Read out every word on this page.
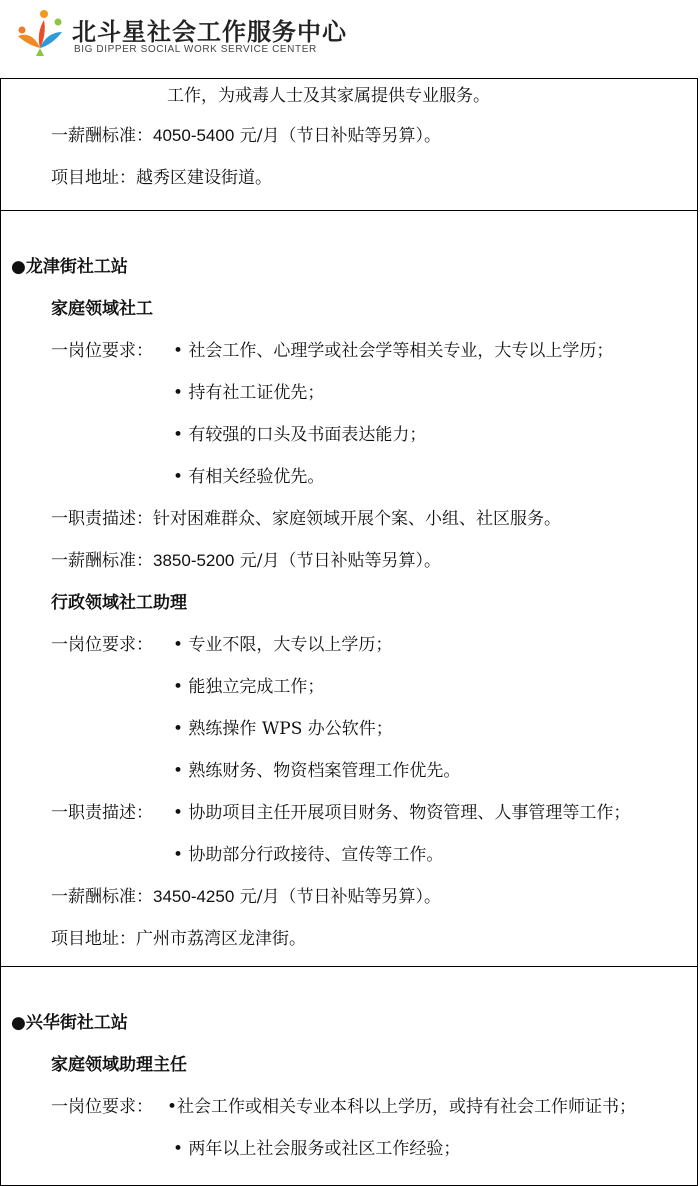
北斗星社会工作服务中心
BIG DIPPER SOCIAL WORK SERVICE CENTER
工作，为戒毒人士及其家属提供专业服务。
一薪酬标准：4050-5400 元/月（节日补贴等另算）。
项目地址：越秀区建设街道。
●龙津街社工站
家庭领域社工
一岗位要求： • 社会工作、心理学或社会学等相关专业，大专以上学历；
• 持有社工证优先；
• 有较强的口头及书面表达能力；
• 有相关经验优先。
一职责描述：针对困难群众、家庭领域开展个案、小组、社区服务。
一薪酬标准：3850-5200 元/月（节日补贴等另算）。
行政领域社工助理
一岗位要求： • 专业不限，大专以上学历；
• 能独立完成工作；
• 熟练操作 WPS 办公软件；
• 熟练财务、物资档案管理工作优先。
一职责描述： • 协助项目主任开展项目财务、物资管理、人事管理等工作；
• 协助部分行政接待、宣传等工作。
一薪酬标准：3450-4250 元/月（节日补贴等另算）。
项目地址：广州市荔湾区龙津街。
●兴华街社工站
家庭领域助理主任
一岗位要求： •社会工作或相关专业本科以上学历，或持有社会工作师证书；
• 两年以上社会服务或社区工作经验；
